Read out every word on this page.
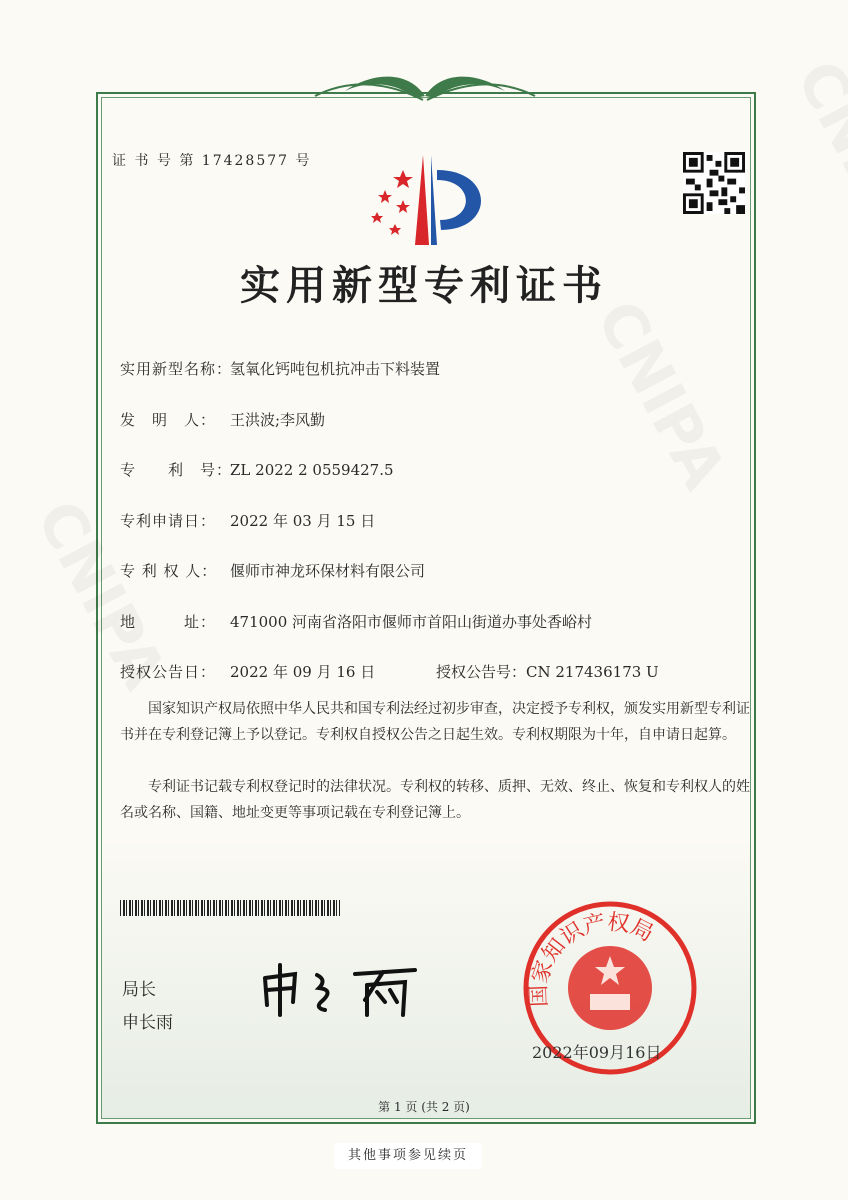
证 书 号 第 17428577 号
实用新型专利证书
实用新型名称：氢氧化钙吨包机抗冲击下料装置
发　明　人： 王洪波;李风勤
专　　利　号：ZL 2022 2 0559427.5
专利申请日： 2022 年 03 月 15 日
专 利 权 人： 偃师市神龙环保材料有限公司
地　　　址： 471000 河南省洛阳市偃师市首阳山街道办事处香峪村
授权公告日： 2022 年 09 月 16 日	授权公告号：CN 217436173 U
国家知识产权局依照中华人民共和国专利法经过初步审查，决定授予专利权，颁发实用新型专利证书并在专利登记簿上予以登记。专利权自授权公告之日起生效。专利权期限为十年，自申请日起算。
专利证书记载专利权登记时的法律状况。专利权的转移、质押、无效、终止、恢复和专利权人的姓名或名称、国籍、地址变更等事项记载在专利登记簿上。
局长
申长雨
国家知识产权局
2022年09月16日
第 1 页 (共 2 页)
其他事项参见续页
